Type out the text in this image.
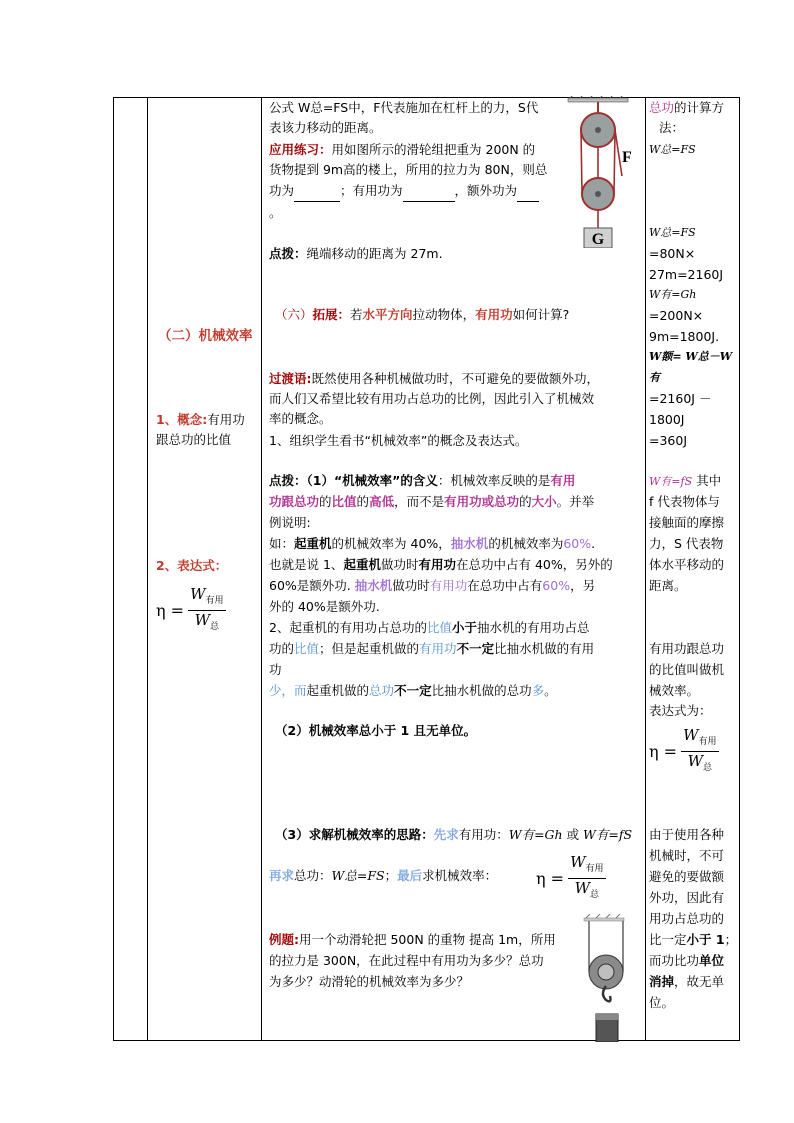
（二）机械效率
1、概念:有用功跟总功的比值
2、表达式：
$\eta = \frac{W_{有用}}{W_总}$
公式 W总=FS中，F代表施加在杠杆上的力，S代
表该力移动的距离。
应用练习：用如图所示的滑轮组把重为 200N 的
货物提到 9m高的楼上，所用的拉力为 80N，则总
功为	；有用功为	，额外功为
。
点拨：绳端移动的距离为 27m.
G
F
（六）拓展：若水平方向拉动物体，有用功如何计算?
过渡语:既然使用各种机械做功时，不可避免的要做额外功，
而人们又希望比较有用功占总功的比例，因此引入了机械效
率的概念。
1、组织学生看书“机械效率”的概念及表达式。
点拨：（1）“机械效率”的含义：机械效率反映的是有用
功跟总功的比值的高低，而不是有用功或总功的大小。并举
例说明:
如：起重机的机械效率为 40%，抽水机的机械效率为60%.
也就是说 1、起重机做功时有用功在总功中占有 40%，另外的
60%是额外功. 抽水机做功时有用功在总功中占有60%，另
外的 40%是额外功.
2、起重机的有用功占总功的比值小于抽水机的有用功占总
功的比值；但是起重机做的有用功不一定比抽水机做的有用
功
少，而起重机做的总功不一定比抽水机做的总功多。
（2）机械效率总小于 1 且无单位。
（3）求解机械效率的思路：先求有用功：W有=Gh 或 W有=fS
再求总功：W总=FS；最后求机械效率： $\eta = \frac{W_{有用}}{W_总}$
例题:用一个动滑轮把 500N 的重物 提高 1m，所用
的拉力是 300N，在此过程中有用功为多少？总功
为多少？动滑轮的机械效率为多少？
总功的计算方
法：
W总=FS
W总=FS
=80N×
27m=2160J
W有=Gh
=200N×
9m=1800J.
W额= W总－W
有
=2160J －
1800J
=360J
W有=fS 其中
f 代表物体与
接触面的摩擦
力，S 代表物
体水平移动的
距离。
有用功跟总功
的比值叫做机
械效率。
表达式为：
$\eta = \frac{W_{有用}}{W_总}$
由于使用各种
机械时，不可
避免的要做额
外功，因此有
用功占总功的
比一定小于 1；
而功比功单位
消掉，故无单
位。
